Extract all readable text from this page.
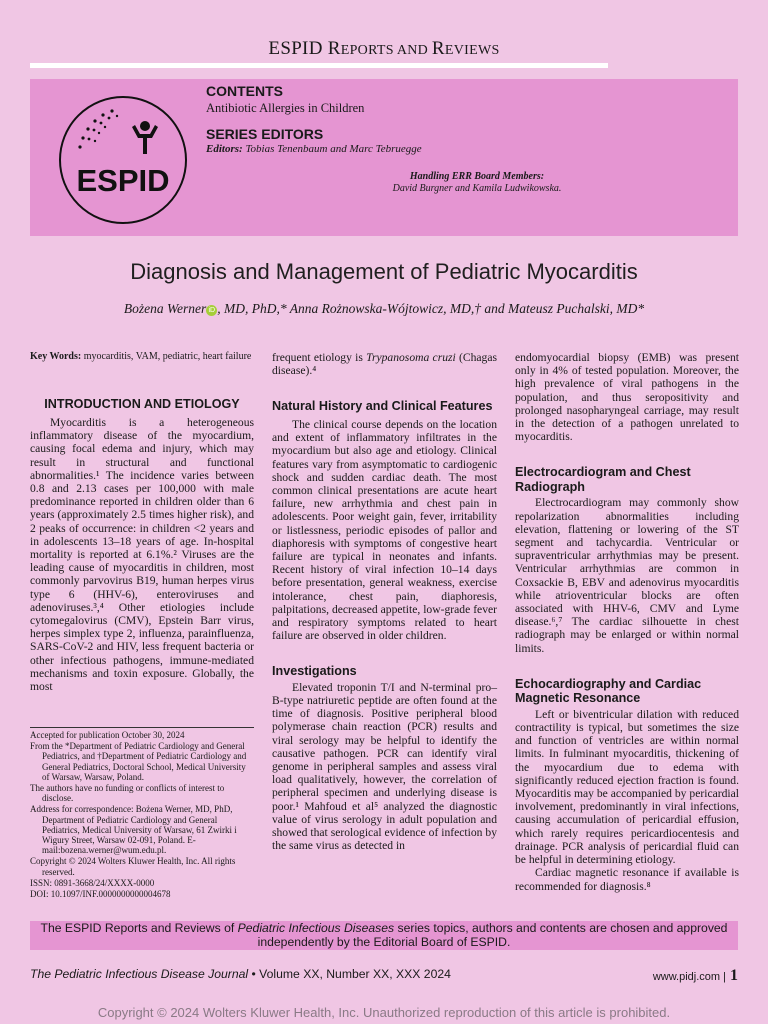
ESPID REPORTS AND REVIEWS
ESPID
CONTENTS
Antibiotic Allergies in Children
SERIES EDITORS
Editors: Tobias Tenenbaum and Marc Tebruegge
Handling ERR Board Members:
David Burgner and Kamila Ludwikowska.
Diagnosis and Management of Pediatric Myocarditis
Bożena Werner iD , MD, PhD,* Anna Rożnowska-Wójtowicz, MD,† and Mateusz Puchalski, MD*
Key Words: myocarditis, VAM, pediatric, heart failure
INTRODUCTION AND ETIOLOGY

Myocarditis is a heterogeneous inflammatory disease of the myocardium, causing focal edema and injury, which may result in structural and functional abnormalities.¹ The incidence varies between 0.8 and 2.13 cases per 100,000 with male predominance reported in children older than 6 years (approximately 2.5 times higher risk), and 2 peaks of occurrence: in children <2 years and in adolescents 13–18 years of age. In-hospital mortality is reported at 6.1%.² Viruses are the leading cause of myocarditis in children, most commonly parvovirus B19, human herpes virus type 6 (HHV-6), enteroviruses and adenoviruses.³,⁴ Other etiologies include cytomegalovirus (CMV), Epstein Barr virus, herpes simplex type 2, influenza, parainfluenza, SARS-CoV-2 and HIV, less frequent bacteria or other infectious pathogens, immune-mediated mechanisms and toxin exposure. Globally, the most

Accepted for publication October 30, 2024
From the *Department of Pediatric Cardiology and General Pediatrics, and †Department of Pediatric Cardiology and General Pediatrics, Doctoral School, Medical University of Warsaw, Warsaw, Poland.
The authors have no funding or conflicts of interest to disclose.
Address for correspondence: Bożena Werner, MD, PhD, Department of Pediatric Cardiology and General Pediatrics, Medical University of Warsaw, 61 Zwirki i Wigury Street, Warsaw 02-091, Poland. E-mail:bozena.werner@wum.edu.pl.
Copyright © 2024 Wolters Kluwer Health, Inc. All rights reserved.
ISSN: 0891-3668/24/XXXX-0000
DOI: 10.1097/INF.0000000000004678

frequent etiology is Trypanosoma cruzi (Chagas disease).⁴

Natural History and Clinical Features

The clinical course depends on the location and extent of inflammatory infiltrates in the myocardium but also age and etiology. Clinical features vary from asymptomatic to cardiogenic shock and sudden cardiac death. The most common clinical presentations are acute heart failure, new arrhythmia and chest pain in adolescents. Poor weight gain, fever, irritability or listlessness, periodic episodes of pallor and diaphoresis with symptoms of congestive heart failure are typical in neonates and infants. Recent history of viral infection 10–14 days before presentation, general weakness, exercise intolerance, chest pain, diaphoresis, palpitations, decreased appetite, low-grade fever and respiratory symptoms related to heart failure are observed in older children.

Investigations

Elevated troponin T/I and N-terminal pro–B-type natriuretic peptide are often found at the time of diagnosis. Positive peripheral blood polymerase chain reaction (PCR) results and viral serology may be helpful to identify the causative pathogen. PCR can identify viral genome in peripheral samples and assess viral load qualitatively, however, the correlation of peripheral specimen and underlying disease is poor.¹ Mahfoud et al⁵ analyzed the diagnostic value of virus serology in adult population and showed that serological evidence of infection by the same virus as detected in

endomyocardial biopsy (EMB) was present only in 4% of tested population. Moreover, the high prevalence of viral pathogens in the population, and thus seropositivity and prolonged nasopharyngeal carriage, may result in the detection of a pathogen unrelated to myocarditis.

Electrocardiogram and Chest Radiograph

Electrocardiogram may commonly show repolarization abnormalities including elevation, flattening or lowering of the ST segment and tachycardia. Ventricular or supraventricular arrhythmias may be present. Ventricular arrhythmias are common in Coxsackie B, EBV and adenovirus myocarditis while atrioventricular blocks are often associated with HHV-6, CMV and Lyme disease.⁶,⁷ The cardiac silhouette in chest radiograph may be enlarged or within normal limits.

Echocardiography and Cardiac Magnetic Resonance

Left or biventricular dilation with reduced contractility is typical, but sometimes the size and function of ventricles are within normal limits. In fulminant myocarditis, thickening of the myocardium due to edema with significantly reduced ejection fraction is found. Myocarditis may be accompanied by pericardial involvement, predominantly in viral infections, causing accumulation of pericardial effusion, which rarely requires pericardiocentesis and drainage. PCR analysis of pericardial fluid can be helpful in determining etiology.

Cardiac magnetic resonance if available is recommended for diagnosis.⁸

The ESPID Reports and Reviews of Pediatric Infectious Diseases series topics, authors and contents are chosen and approved independently by the Editorial Board of ESPID.
The Pediatric Infectious Disease Journal • Volume XX, Number XX, XXX 2024	www.pidj.com | 1
Copyright © 2024 Wolters Kluwer Health, Inc. Unauthorized reproduction of this article is prohibited.
